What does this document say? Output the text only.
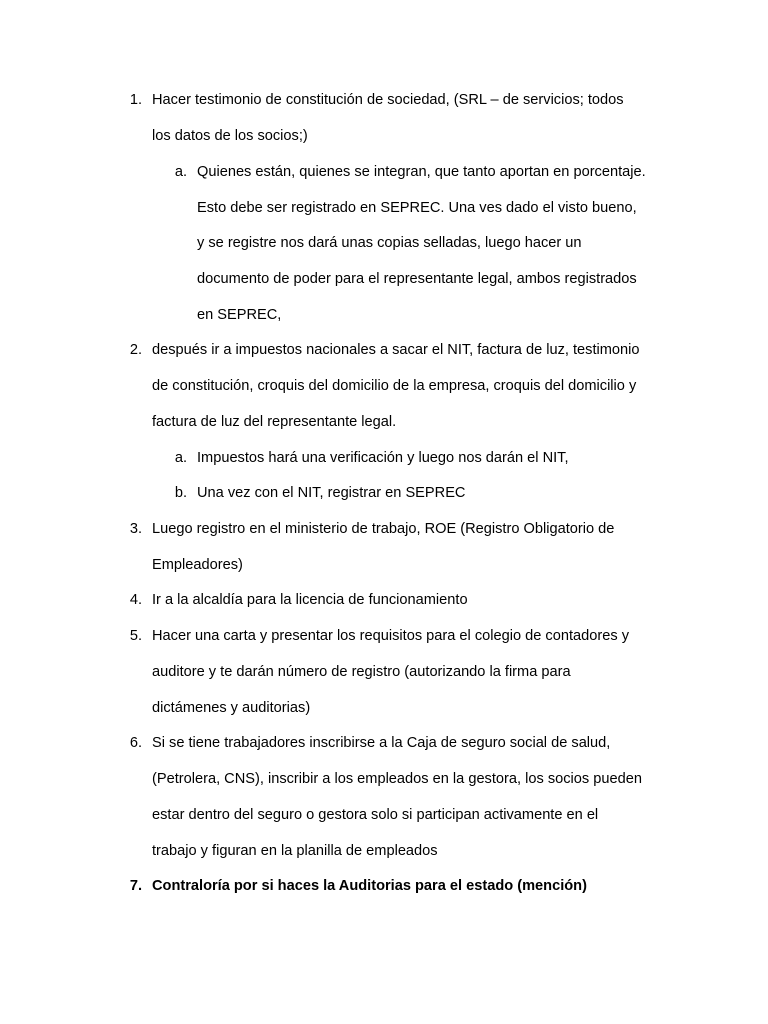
1. Hacer testimonio de constitución de sociedad, (SRL – de servicios; todos
los datos de los socios;)
a. Quienes están, quienes se integran, que tanto aportan en porcentaje.
Esto debe ser registrado en SEPREC. Una ves dado el visto bueno,
y se registre nos dará unas copias selladas, luego hacer un
documento de poder para el representante legal, ambos registrados
en SEPREC,
2. después ir a impuestos nacionales a sacar el NIT, factura de luz, testimonio
de constitución, croquis del domicilio de la empresa, croquis del domicilio y
factura de luz del representante legal.
a. Impuestos hará una verificación y luego nos darán el NIT,
b. Una vez con el NIT, registrar en SEPREC
3. Luego registro en el ministerio de trabajo, ROE (Registro Obligatorio de
Empleadores)
4. Ir a la alcaldía para la licencia de funcionamiento
5. Hacer una carta y presentar los requisitos para el colegio de contadores y
auditore y te darán número de registro (autorizando la firma para
dictámenes y auditorias)
6. Si se tiene trabajadores inscribirse a la Caja de seguro social de salud,
(Petrolera, CNS), inscribir a los empleados en la gestora, los socios pueden
estar dentro del seguro o gestora solo si participan activamente en el
trabajo y figuran en la planilla de empleados
7. Contraloría por si haces la Auditorias para el estado (mención)
